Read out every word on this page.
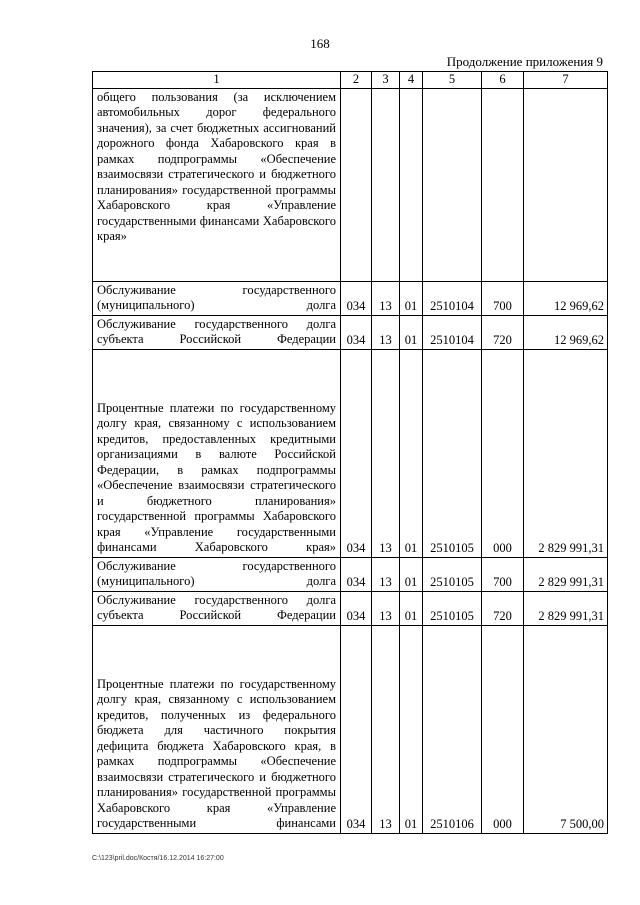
168
Продолжение приложения 9
1	2	3	4	5	6	7
общего пользования (за исключением автомобильных дорог федерального значения), за счет бюджетных ассигнований дорожного фонда Хабаровского края в рамках подпрограммы «Обеспечение взаимосвязи стратегического и бюджетного планирования» государственной программы Хабаровского края «Управление государственными финансами Хабаровского края»						
Обслуживание государственного (муниципального) долга	034	13	01	2510104	700	12 969,62
Обслуживание государственного долга субъекта Российской Федерации	034	13	01	2510104	720	12 969,62
Процентные платежи по государственному долгу края, связанному с использованием кредитов, предоставленных кредитными организациями в валюте Российской Федерации, в рамках подпрограммы «Обеспечение взаимосвязи стратегического и бюджетного планирования» государственной программы Хабаровского края «Управление государственными финансами Хабаровского края»	034	13	01	2510105	000	2 829 991,31
Обслуживание государственного (муниципального) долга	034	13	01	2510105	700	2 829 991,31
Обслуживание государственного долга субъекта Российской Федерации	034	13	01	2510105	720	2 829 991,31
Процентные платежи по государственному долгу края, связанному с использованием кредитов, полученных из федерального бюджета для частичного покрытия дефицита бюджета Хабаровского края, в рамках подпрограммы «Обеспечение взаимосвязи стратегического и бюджетного планирования» государственной программы Хабаровского края «Управление государственными финансами	034	13	01	2510106	000	7 500,00
C:\123\pril.doc/Костя/16.12.2014 16:27:00
